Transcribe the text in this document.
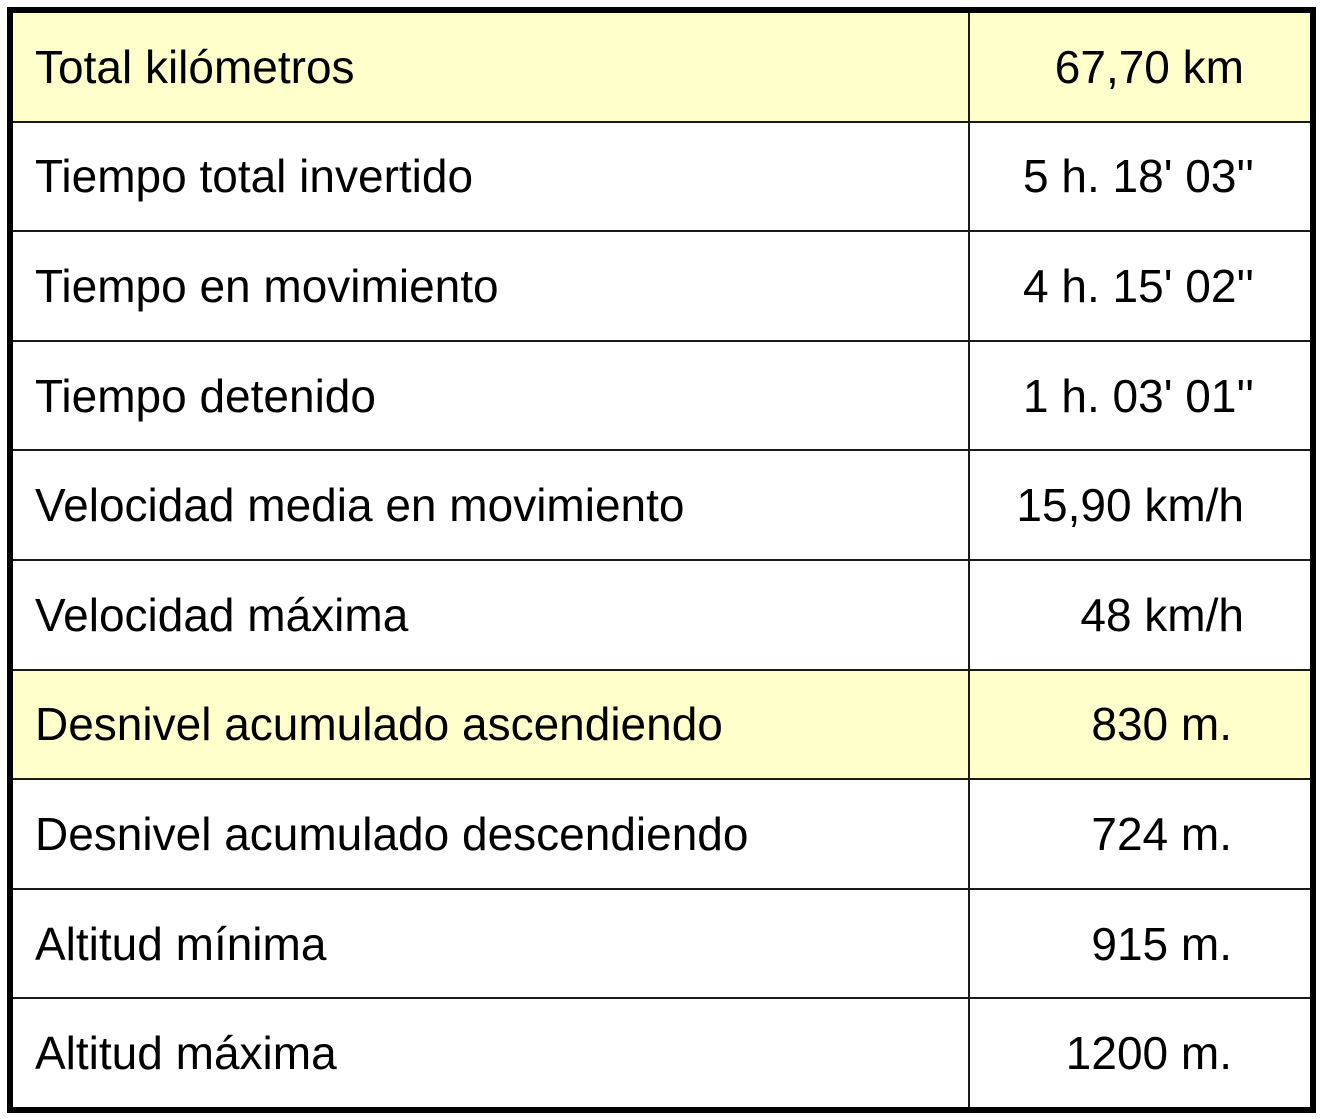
Total kilómetros	67,70 km
Tiempo total invertido	5 h. 18' 03''
Tiempo en movimiento	4 h. 15' 02''
Tiempo detenido	1 h. 03' 01''
Velocidad media en movimiento	15,90 km/h
Velocidad máxima	48 km/h
Desnivel acumulado ascendiendo	830 m.
Desnivel acumulado descendiendo	724 m.
Altitud mínima	915 m.
Altitud máxima	1200 m.
